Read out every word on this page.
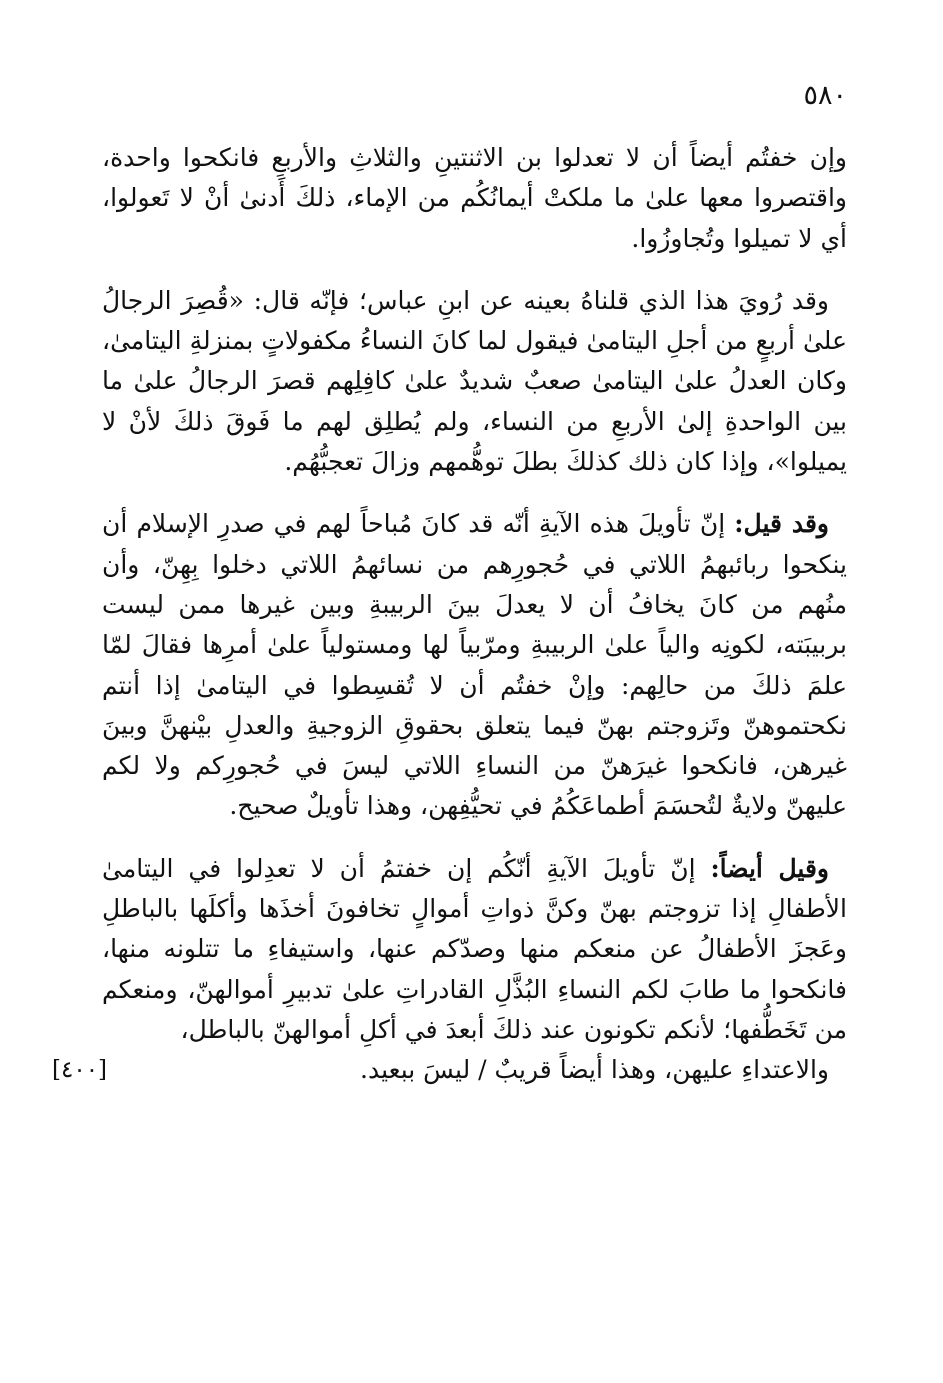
٥٨٠

وإن خفتُم أيضاً أن لا تعدلوا بن الاثنتينِ والثلاثِ والأربعِ فانكحوا واحدة، واقتصروا معها علىٰ ما ملكتْ أيمانُكُم من الإماء، ذلكَ أَدنىٰ أنْ لا تَعولوا، أي لا تميلوا وتُجاوزُوا.

وقد رُويَ هذا الذي قلناهُ بعينه عن ابنِ عباس؛ فإنّه قال: «قُصِرَ الرجالُ علىٰ أربعٍ من أجلِ اليتامىٰ فيقول لما كانَ النساءُ مكفولاتٍ بمنزلةِ اليتامىٰ، وكان العدلُ علىٰ اليتامىٰ صعبٌ شديدٌ علىٰ كافِلِهم قصرَ الرجالُ علىٰ ما بين الواحدةِ إلىٰ الأربعِ من النساء، ولم يُطلِق لهم ما فَوقَ ذلكَ لأنْ لا يميلوا»، وإذا كان ذلك كذلكَ بطلَ توهُّمهم وزالَ تعجبُّهُم.

وقد قيل: إنّ تأويلَ هذه الآيةِ أنّه قد كانَ مُباحاً لهم في صدرِ الإسلام أن ينكحوا ربائبهمُ اللاتي في حُجورِهم من نسائهمُ اللاتي دخلوا بِهِنّ، وأن منُهم من كانَ يخافُ أن لا يعدلَ بينَ الربيبةِ وبين غيرها ممن ليست بربيبَته، لكونِه والياً علىٰ الربيبةِ ومرّبياً لها ومستولياً علىٰ أمرِها فقالَ لمّا علمَ ذلكَ من حالِهم: وإنْ خفتُم أن لا تُقسِطوا في اليتامىٰ إذا أنتم نكحتموهنّ وتَزوجتم بهنّ فيما يتعلق بحقوقِ الزوجيةِ والعدلِ بيْنهنَّ وبينَ غيرهن، فانكحوا غيرَهنّ من النساءِ اللاتي ليسَ في حُجورِكم ولا لكم عليهنّ ولايةٌ لتُحسَمَ أطماعَكُمُ في تحيُّفِهن، وهذا تأويلٌ صحيح.

وقيل أيضاً: إنّ تأويلَ الآيةِ أنّكُم إن خفتمُ أن لا تعدِلوا في اليتامىٰ الأطفالِ إذا تزوجتم بهنّ وكنَّ ذواتِ أموالٍ تخافونَ أخذَها وأكلَها بالباطلِ وعَجزَ الأطفالُ عن منعكم منها وصدّكم عنها، واستيفاءِ ما تتلونه منها، فانكحوا ما طابَ لكم النساءِ البُذَّلِ القادراتِ علىٰ تدبيرِ أموالهنّ، ومنعكم من تَخَطُّفها؛ لأنكم تكونون عند ذلكَ أبعدَ في أكلِ أموالهنّ بالباطل،
والاعتداءِ عليهن، وهذا أيضاً قريبٌ / ليسَ ببعيد.
[٤٠٠]
